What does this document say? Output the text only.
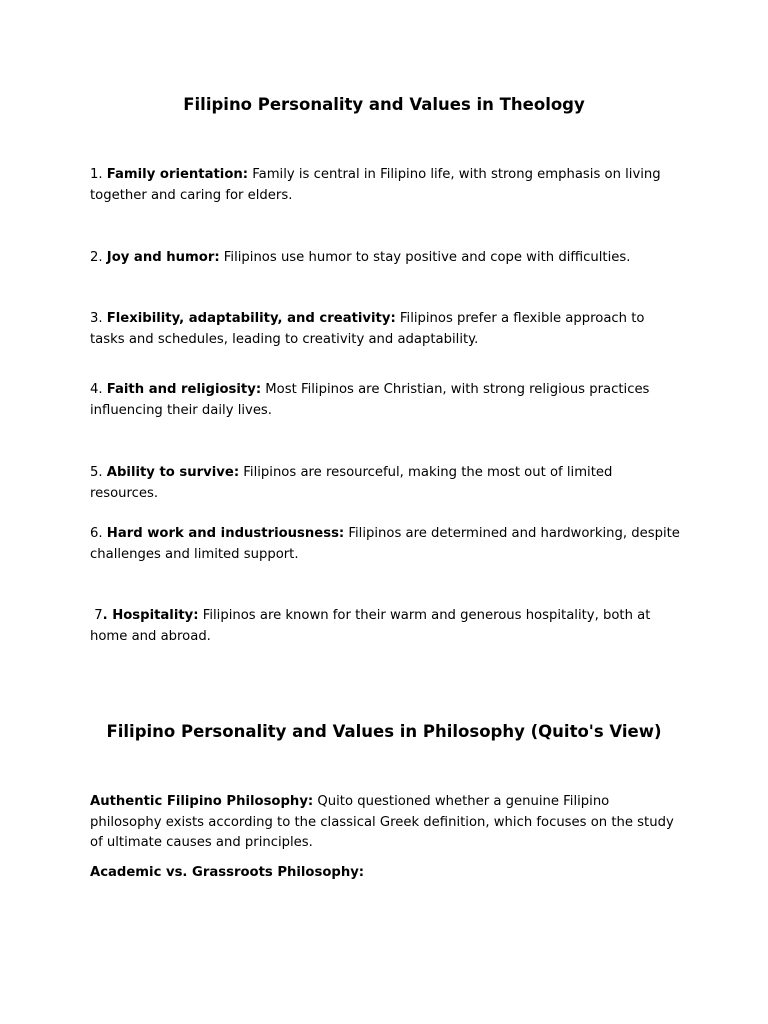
Filipino Personality and Values in Theology

1. Family orientation: Family is central in Filipino life, with strong emphasis on living together and caring for elders.

2. Joy and humor: Filipinos use humor to stay positive and cope with difficulties.

3. Flexibility, adaptability, and creativity: Filipinos prefer a flexible approach to tasks and schedules, leading to creativity and adaptability.

4. Faith and religiosity: Most Filipinos are Christian, with strong religious practices influencing their daily lives.

5. Ability to survive: Filipinos are resourceful, making the most out of limited resources.

6. Hard work and industriousness: Filipinos are determined and hardworking, despite challenges and limited support.

7. Hospitality: Filipinos are known for their warm and generous hospitality, both at home and abroad.

Filipino Personality and Values in Philosophy (Quito's View)

Authentic Filipino Philosophy: Quito questioned whether a genuine Filipino philosophy exists according to the classical Greek definition, which focuses on the study of ultimate causes and principles.

Academic vs. Grassroots Philosophy:
